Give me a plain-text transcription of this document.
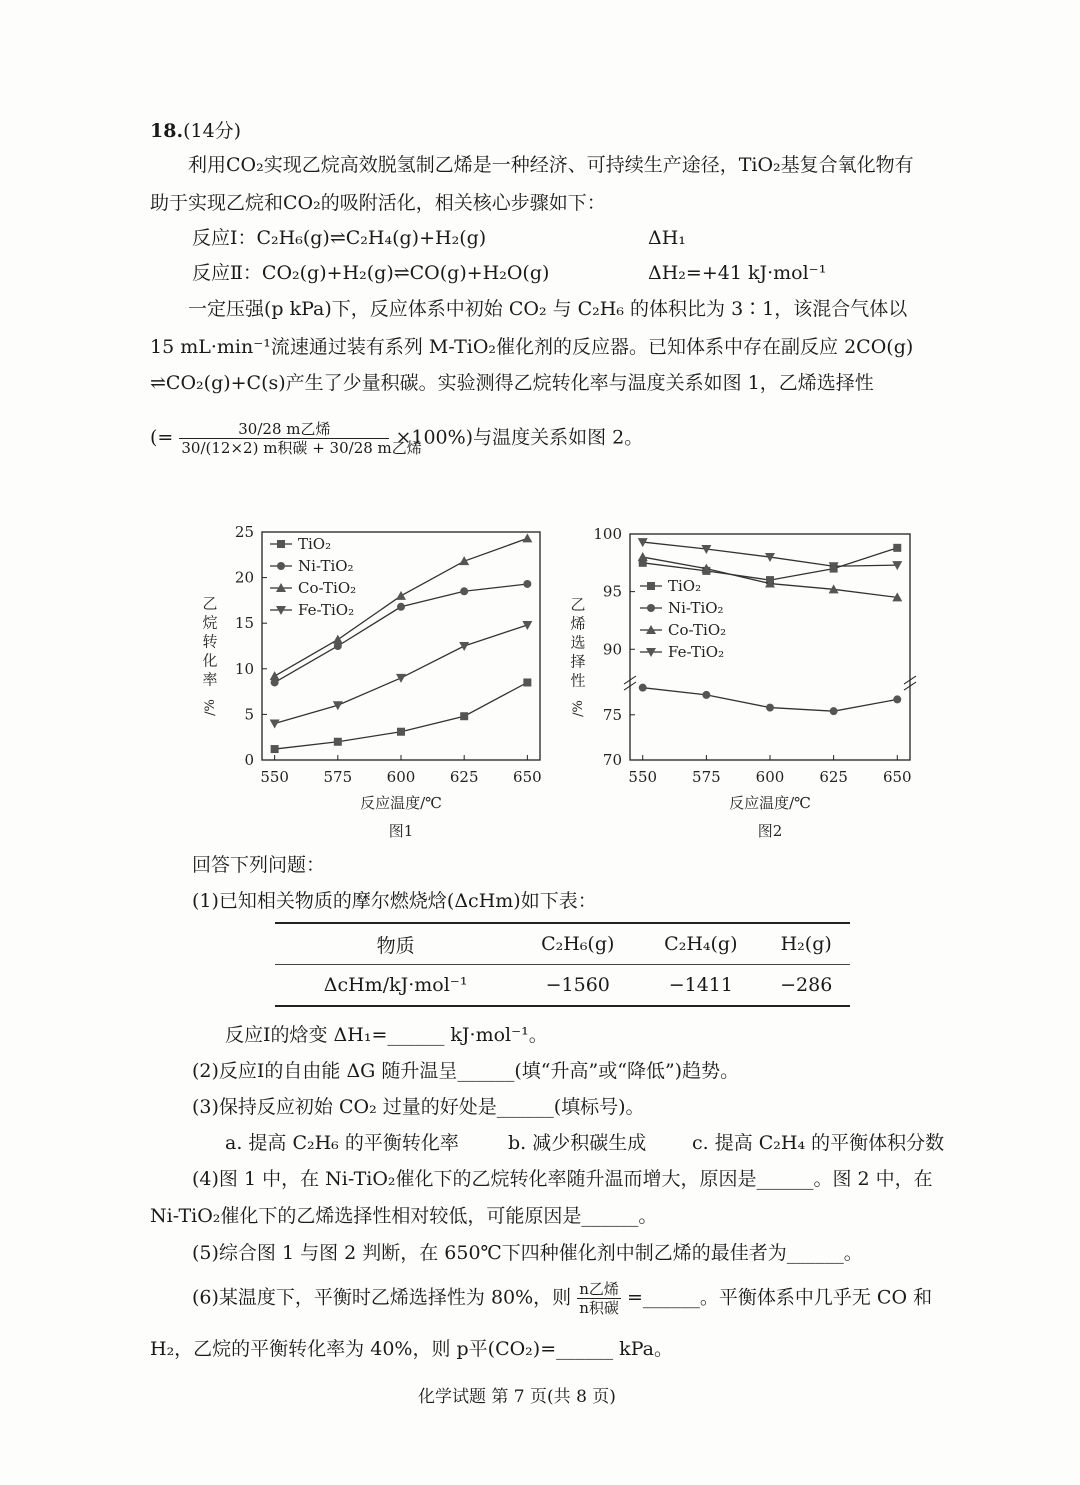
18.(14分)
利用CO₂实现乙烷高效脱氢制乙烯是一种经济、可持续生产途径，TiO₂基复合氧化物有
助于实现乙烷和CO₂的吸附活化，相关核心步骤如下：
反应Ⅰ：C₂H₆(g)⇌C₂H₄(g)+H₂(g)	ΔH₁
反应Ⅱ：CO₂(g)+H₂(g)⇌CO(g)+H₂O(g)	ΔH₂=+41 kJ·mol⁻¹
一定压强(p kPa)下，反应体系中初始 CO₂ 与 C₂H₆ 的体积比为 3∶1，该混合气体以
15 mL·min⁻¹流速通过装有系列 M-TiO₂催化剂的反应器。已知体系中存在副反应 2CO(g)
⇌CO₂(g)+C(s)产生了少量积碳。实验测得乙烷转化率与温度关系如图 1，乙烯选择性
(= $\frac{\text{30/28 m乙烯}}{\text{30/(12×2) m积碳 + 30/28 m乙烯}} \times 100\%$)与温度关系如图 2。
550 575 600 625 650
0
5
10
15
20
25
反应温度/℃
图1
乙
烷
转
化
率
/%
TiO₂
Ni-TiO₂
Co-TiO₂
Fe-TiO₂
550 575 600 625 650
70
75
90
95
100
反应温度/℃
图2
乙
烯
选
择
性
/%
TiO₂
Ni-TiO₂
Co-TiO₂
Fe-TiO₂
回答下列问题：
(1)已知相关物质的摩尔燃烧焓(ΔcHm)如下表：
物质	C₂H₆(g)	C₂H₄(g)	H₂(g)
ΔcHm/kJ·mol⁻¹	−1560	−1411	−286
反应Ⅰ的焓变 ΔH₁=______ kJ·mol⁻¹。
(2)反应Ⅰ的自由能 ΔG 随升温呈______(填“升高”或“降低”)趋势。
(3)保持反应初始 CO₂ 过量的好处是______(填标号)。
a. 提高 C₂H₆ 的平衡转化率	b. 减少积碳生成 c. 提高 C₂H₄ 的平衡体积分数
(4)图 1 中，在 Ni-TiO₂催化下的乙烷转化率随升温而增大，原因是______。图 2 中，在
Ni-TiO₂催化下的乙烯选择性相对较低，可能原因是______。
(5)综合图 1 与图 2 判断，在 650℃下四种催化剂中制乙烯的最佳者为______。
(6)某温度下，平衡时乙烯选择性为 80%，则 $\frac{\text{n乙烯}}{\text{n积碳}}$ =______。平衡体系中几乎无 CO 和
H₂，乙烷的平衡转化率为 40%，则 p平(CO₂)=______ kPa。
化学试题 第 7 页(共 8 页)
